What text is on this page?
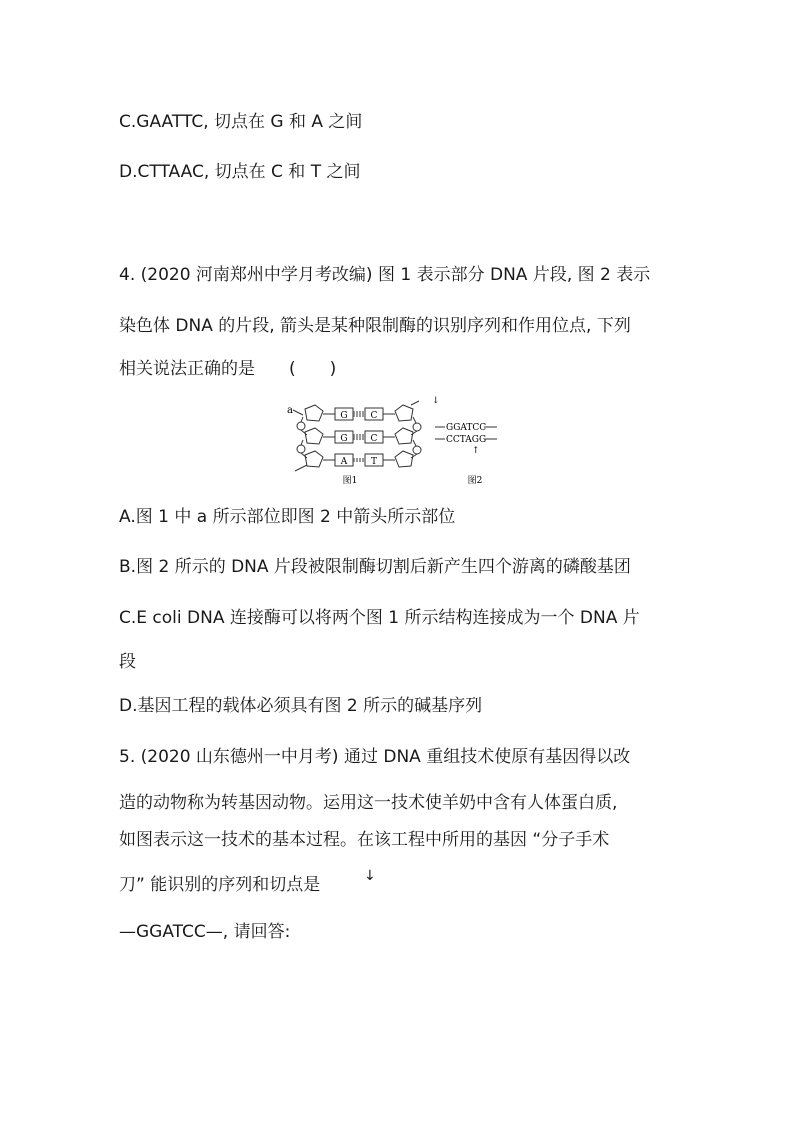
C.GAATTC, 切点在 G 和 A 之间
D.CTTAAC, 切点在 C 和 T 之间
4. (2020 河南郑州中学月考改编) 图 1 表示部分 DNA 片段, 图 2 表示
染色体 DNA 的片段, 箭头是某种限制酶的识别序列和作用位点, 下列
相关说法正确的是　　(　　)
a	G
G
A
C
C
T
图1
↓
GGATCC
CCTAGG
↑
图2
A.图 1 中 a 所示部位即图 2 中箭头所示部位
B.图 2 所示的 DNA 片段被限制酶切割后新产生四个游离的磷酸基团
C.E coli DNA 连接酶可以将两个图 1 所示结构连接成为一个 DNA 片
段
D.基因工程的载体必须具有图 2 所示的碱基序列
5. (2020 山东德州一中月考) 通过 DNA 重组技术使原有基因得以改
造的动物称为转基因动物。运用这一技术使羊奶中含有人体蛋白质,
如图表示这一技术的基本过程。在该工程中所用的基因 “分子手术
刀” 能识别的序列和切点是	↓
—GGATCC—, 请回答:
